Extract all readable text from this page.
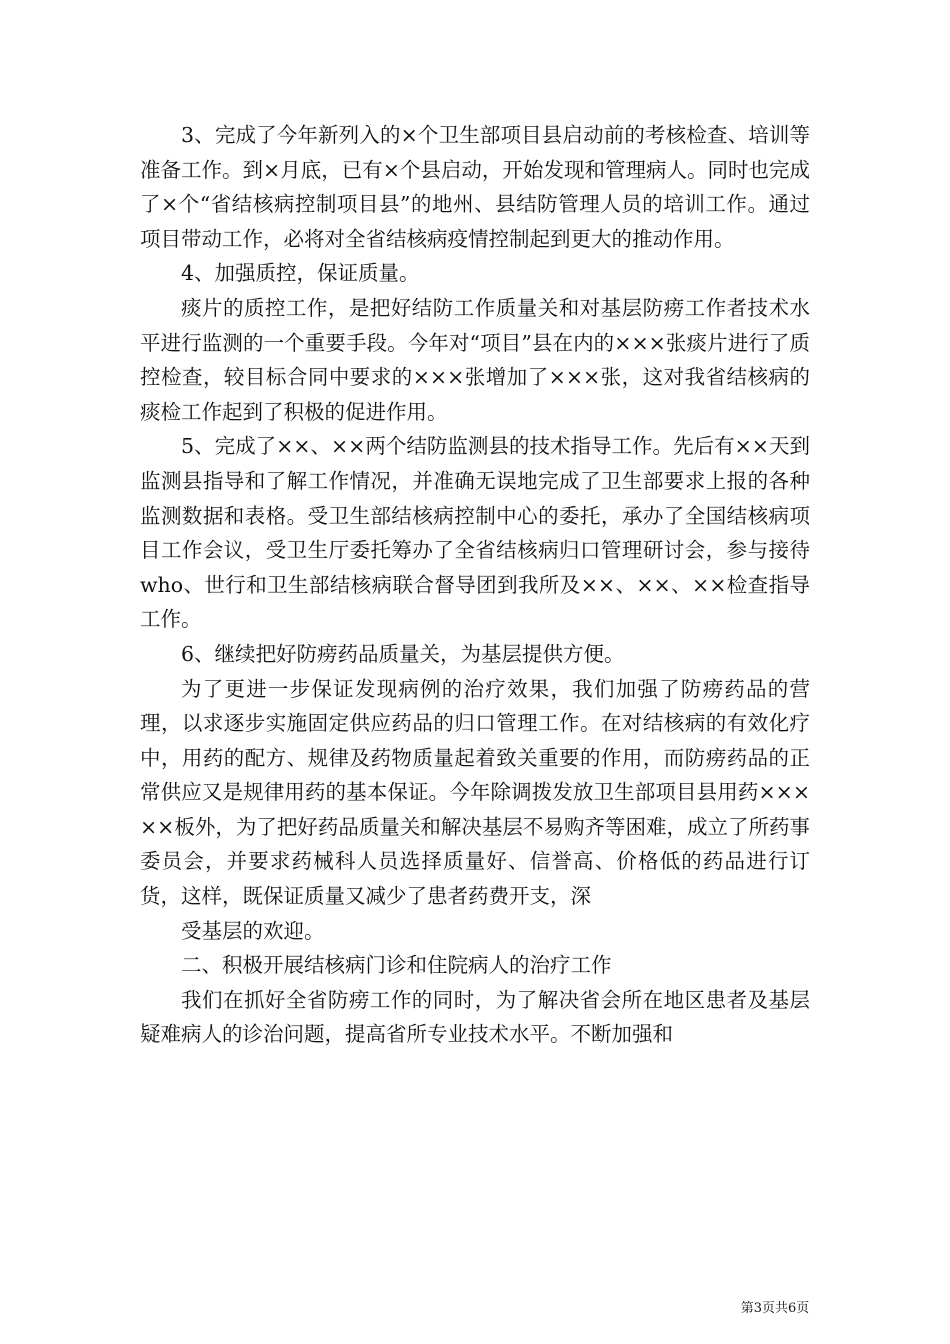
3、完成了今年新列入的×个卫生部项目县启动前的考核检查、培训等准备工作。到×月底，已有×个县启动，开始发现和管理病人。同时也完成了×个“省结核病控制项目县”的地州、县结防管理人员的培训工作。通过项目带动工作，必将对全省结核病疫情控制起到更大的推动作用。

4、加强质控，保证质量。

痰片的质控工作，是把好结防工作质量关和对基层防痨工作者技术水平进行监测的一个重要手段。今年对“项目”县在内的×××张痰片进行了质控检查，较目标合同中要求的×××张增加了×××张，这对我省结核病的痰检工作起到了积极的促进作用。

5、完成了××、××两个结防监测县的技术指导工作。先后有××天到监测县指导和了解工作情况，并准确无误地完成了卫生部要求上报的各种监测数据和表格。受卫生部结核病控制中心的委托，承办了全国结核病项目工作会议，受卫生厅委托筹办了全省结核病归口管理研讨会，参与接待who、世行和卫生部结核病联合督导团到我所及××、××、××检查指导工作。

6、继续把好防痨药品质量关，为基层提供方便。

为了更进一步保证发现病例的治疗效果，我们加强了防痨药品的营理，以求逐步实施固定供应药品的归口管理工作。在对结核病的有效化疗中，用药的配方、规律及药物质量起着致关重要的作用，而防痨药品的正常供应又是规律用药的基本保证。今年除调拨发放卫生部项目县用药×××××板外，为了把好药品质量关和解决基层不易购齐等困难，成立了所药事委员会，并要求药械科人员选择质量好、信誉高、价格低的药品进行订货，这样，既保证质量又减少了患者药费开支，深

受基层的欢迎。

二、积极开展结核病门诊和住院病人的治疗工作

我们在抓好全省防痨工作的同时，为了解决省会所在地区患者及基层疑难病人的诊治问题，提高省所专业技术水平。不断加强和

第3页共6页
